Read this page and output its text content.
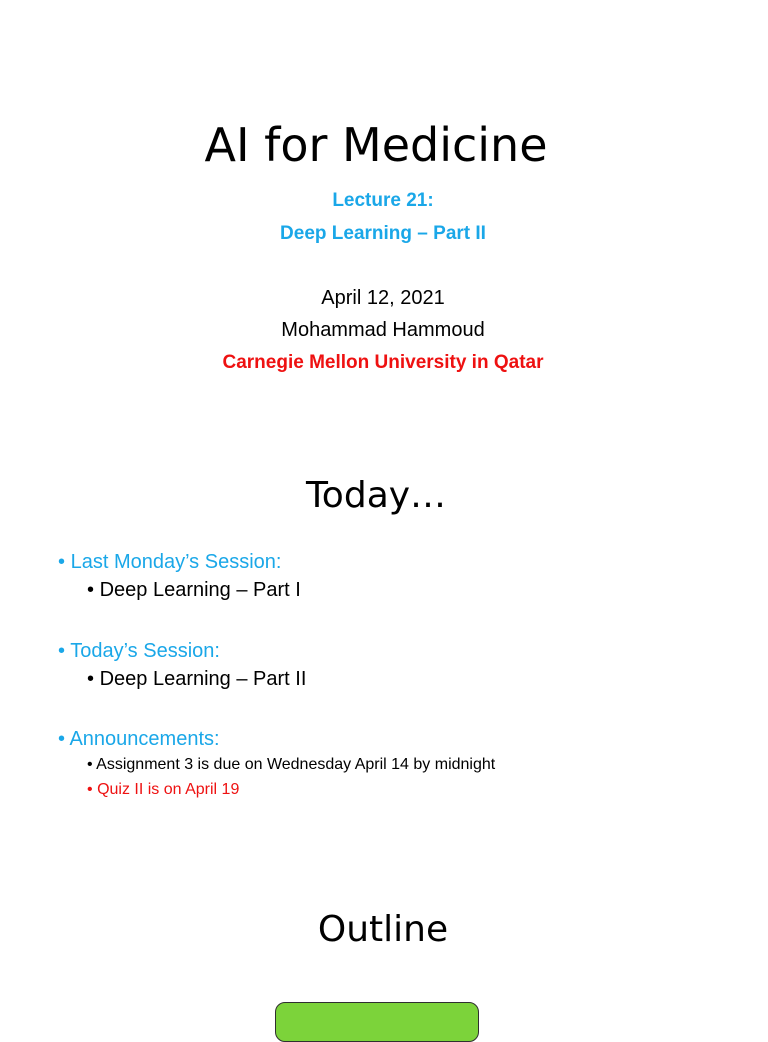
AI for Medicine
Lecture 21:
Deep Learning – Part II
April 12, 2021
Mohammad Hammoud
Carnegie Mellon University in Qatar
Today…
• Last Monday’s Session:
• Deep Learning – Part I
• Today’s Session:
• Deep Learning – Part II
• Announcements:
• Assignment 3 is due on Wednesday April 14 by midnight
• Quiz II is on April 19
Outline
